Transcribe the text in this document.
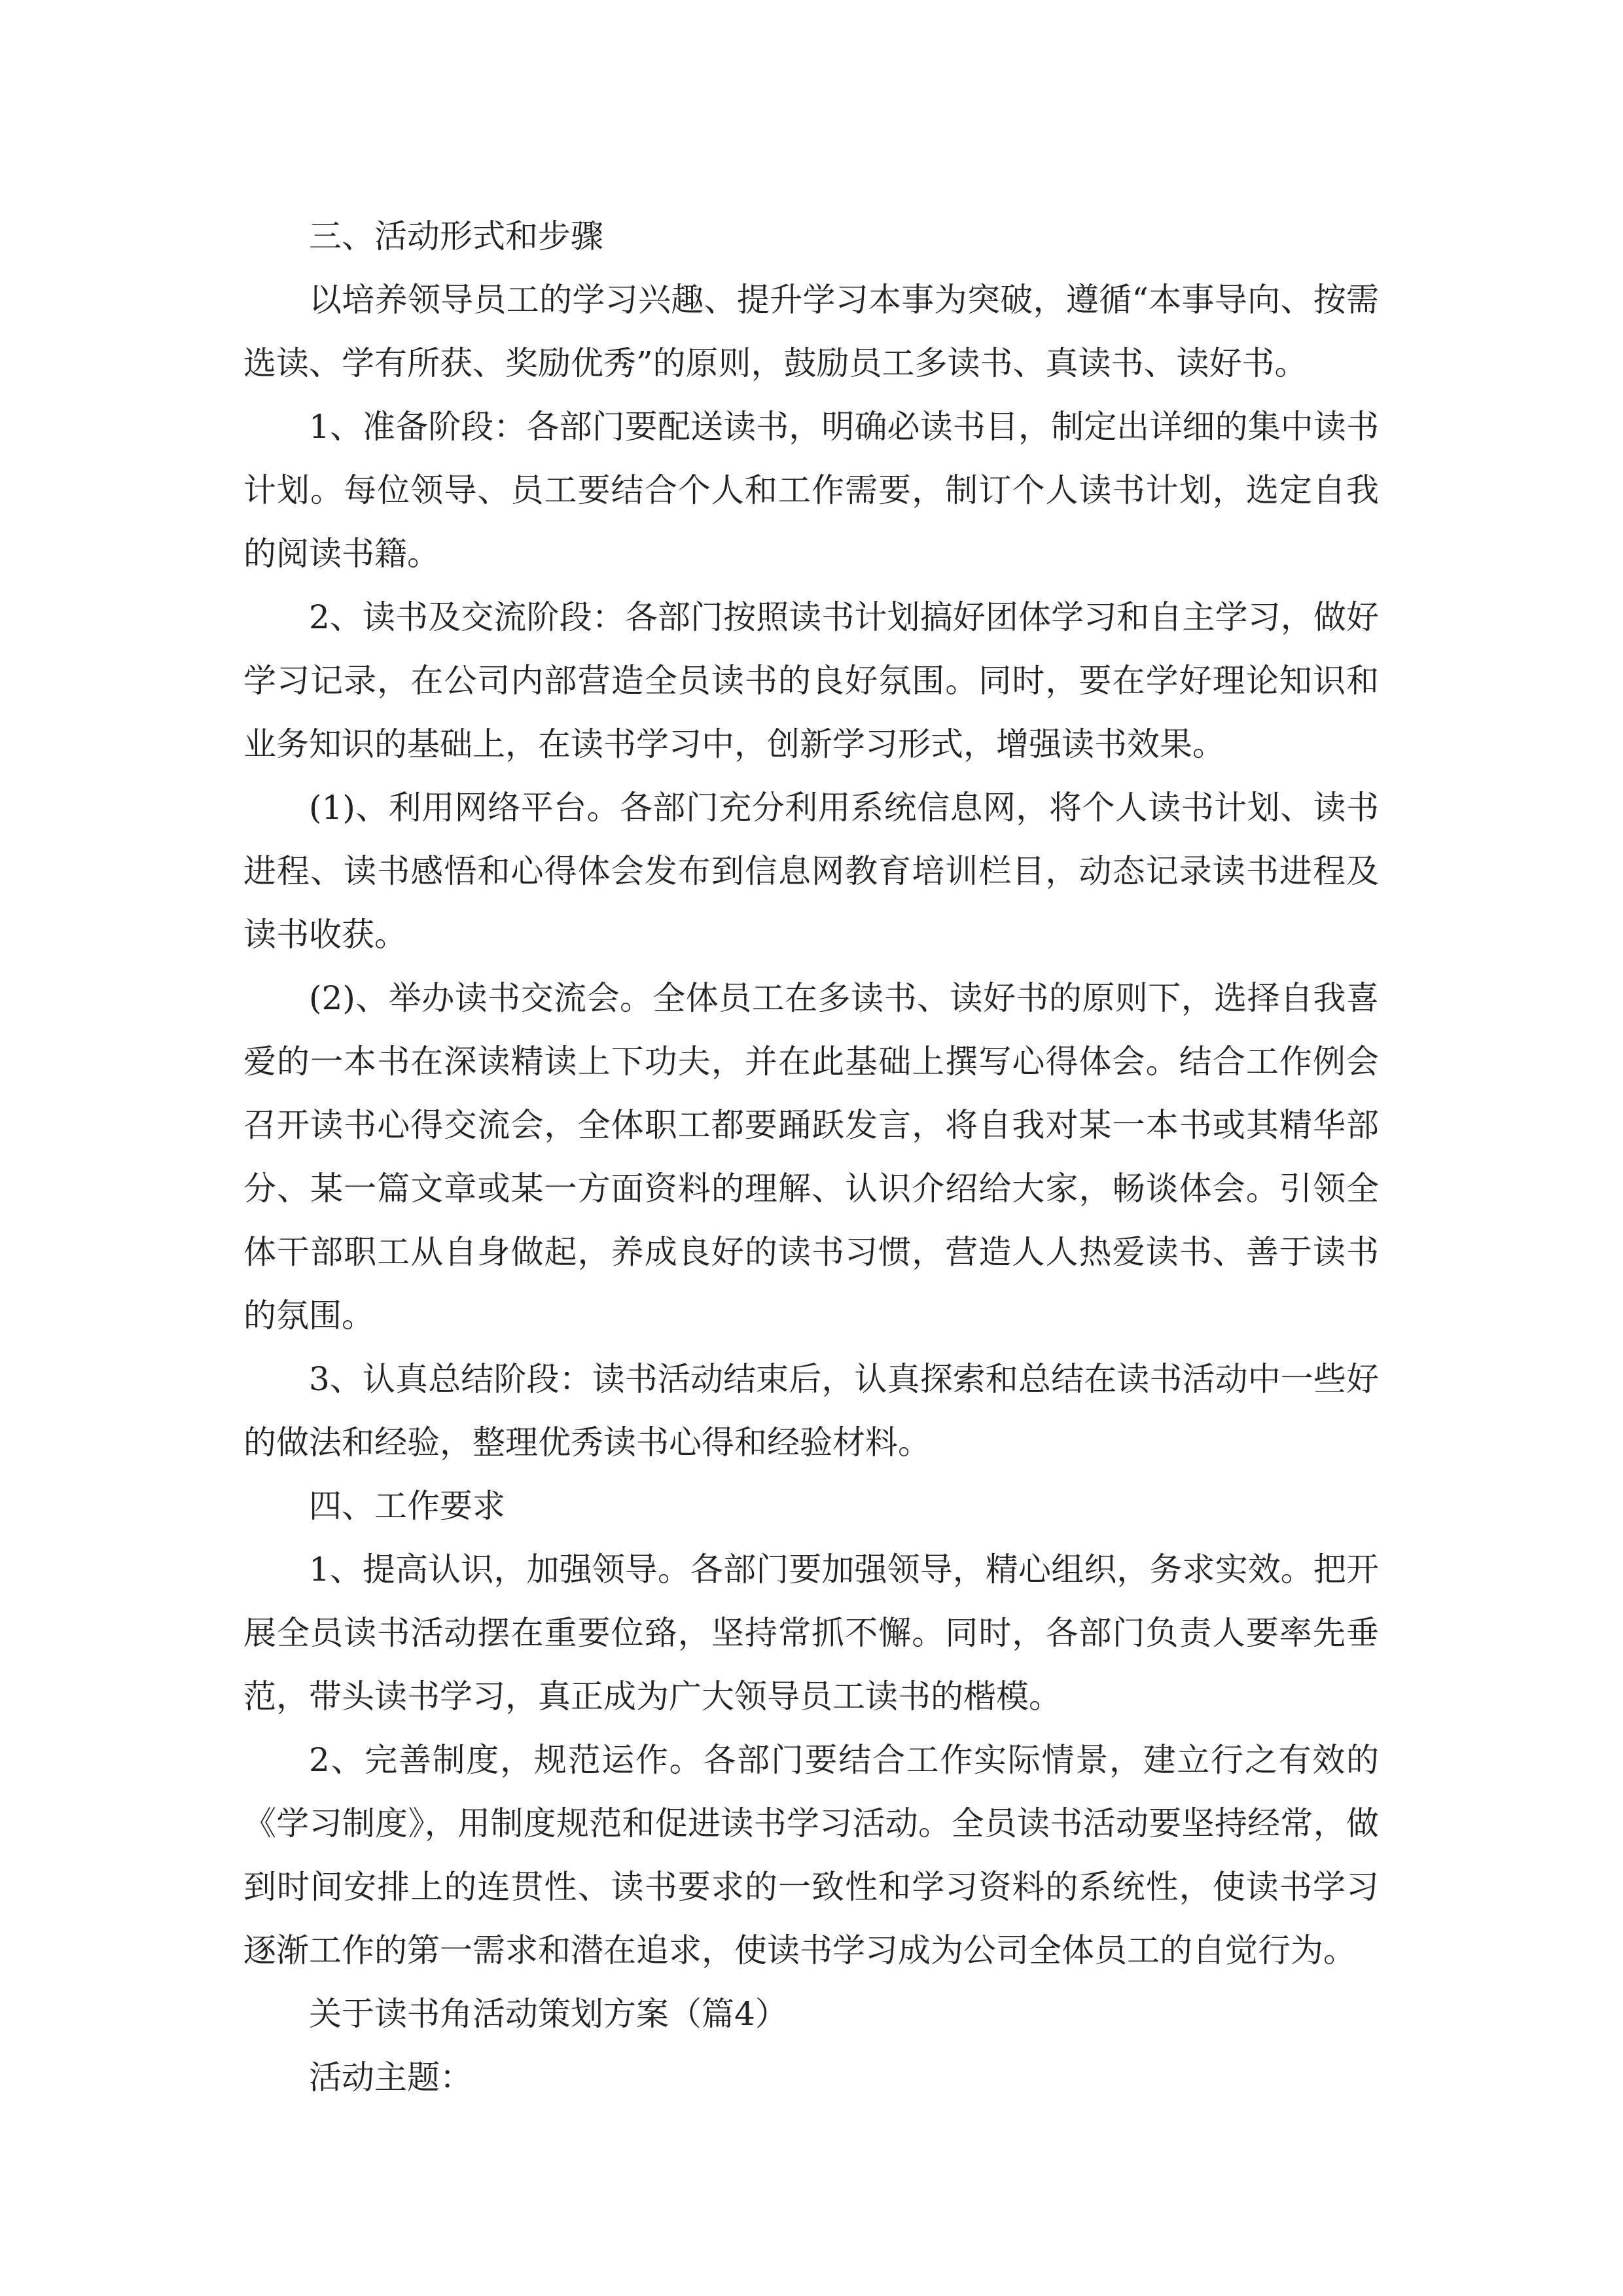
三、活动形式和步骤

以培养领导员工的学习兴趣、提升学习本事为突破，遵循“本事导向、按需选读、学有所获、奖励优秀”的原则，鼓励员工多读书、真读书、读好书。

1、准备阶段：各部门要配送读书，明确必读书目，制定出详细的集中读书计划。每位领导、员工要结合个人和工作需要，制订个人读书计划，选定自我的阅读书籍。

2、读书及交流阶段：各部门按照读书计划搞好团体学习和自主学习，做好学习记录，在公司内部营造全员读书的良好氛围。同时，要在学好理论知识和业务知识的基础上，在读书学习中，创新学习形式，增强读书效果。

(1)、利用网络平台。各部门充分利用系统信息网，将个人读书计划、读书进程、读书感悟和心得体会发布到信息网教育培训栏目，动态记录读书进程及读书收获。

(2)、举办读书交流会。全体员工在多读书、读好书的原则下，选择自我喜爱的一本书在深读精读上下功夫，并在此基础上撰写心得体会。结合工作例会召开读书心得交流会，全体职工都要踊跃发言，将自我对某一本书或其精华部分、某一篇文章或某一方面资料的理解、认识介绍给大家，畅谈体会。引领全体干部职工从自身做起，养成良好的读书习惯，营造人人热爱读书、善于读书的氛围。

3、认真总结阶段：读书活动结束后，认真探索和总结在读书活动中一些好的做法和经验，整理优秀读书心得和经验材料。

四、工作要求

1、提高认识，加强领导。各部门要加强领导，精心组织，务求实效。把开展全员读书活动摆在重要位臵，坚持常抓不懈。同时，各部门负责人要率先垂范，带头读书学习，真正成为广大领导员工读书的楷模。

2、完善制度，规范运作。各部门要结合工作实际情景，建立行之有效的《学习制度》，用制度规范和促进读书学习活动。全员读书活动要坚持经常，做到时间安排上的连贯性、读书要求的一致性和学习资料的系统性，使读书学习逐渐工作的第一需求和潜在追求，使读书学习成为公司全体员工的自觉行为。

关于读书角活动策划方案（篇4）

活动主题：
